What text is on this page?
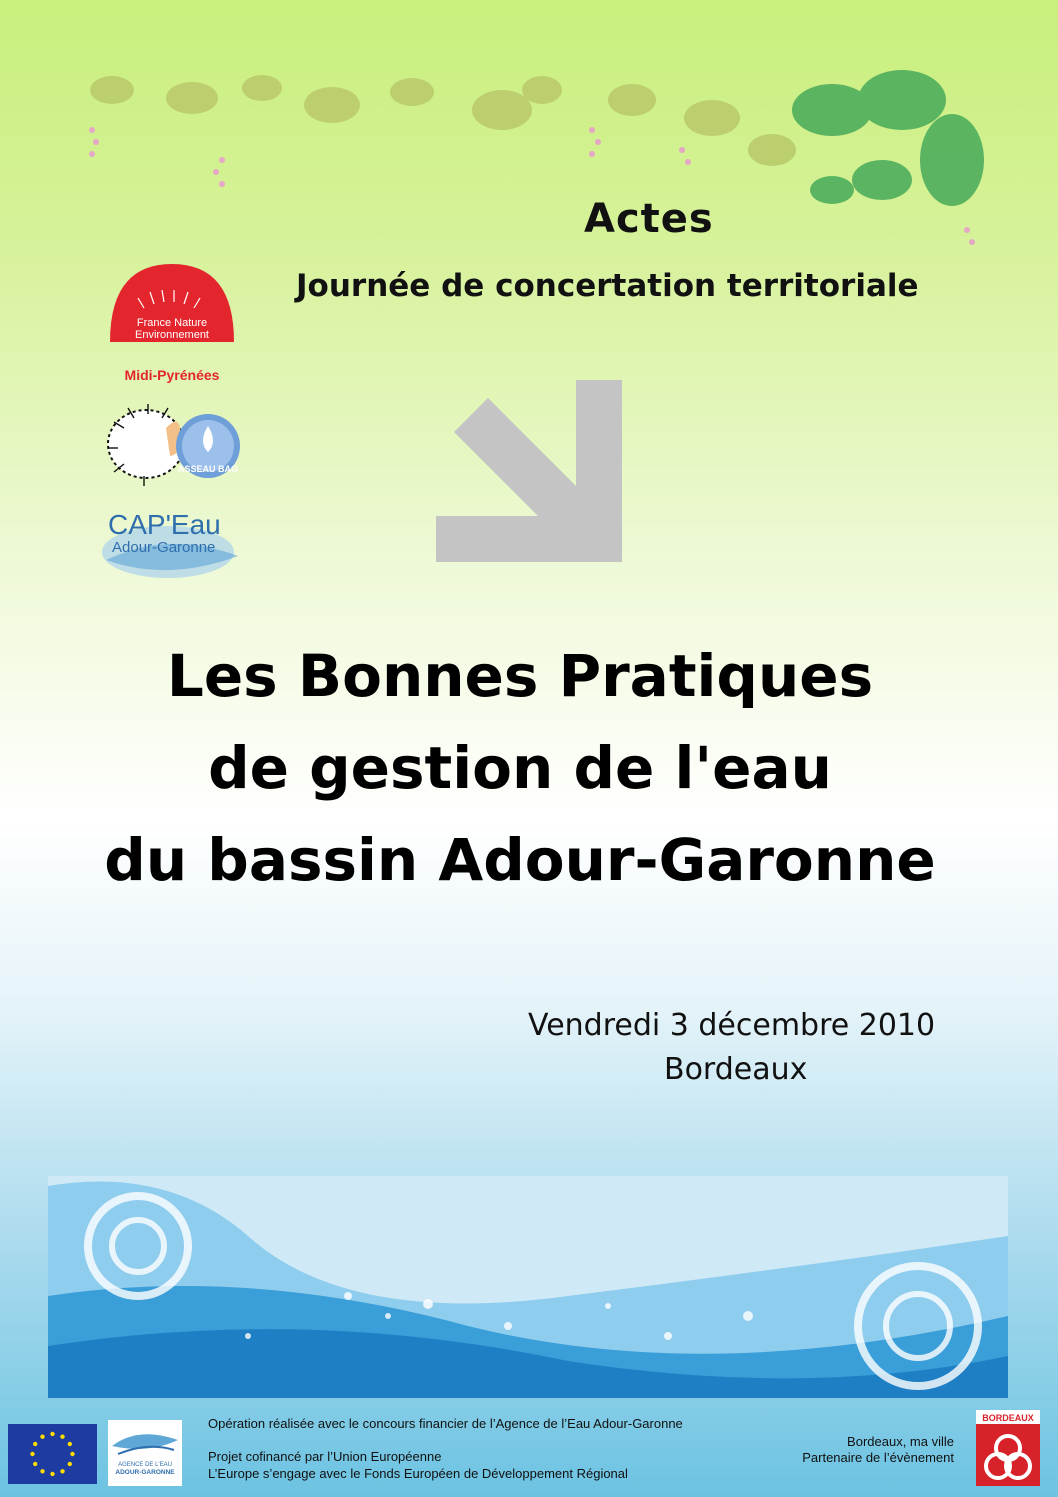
Actes
Journée de concertation territoriale
France Nature
Environnement
Midi-Pyrénées
ASSEAU BAG
CAP'Eau
Adour-Garonne
Les Bonnes Pratiques
de gestion de l'eau
du bassin Adour-Garonne
Vendredi 3 décembre 2010
Bordeaux
AGENCE DE L'EAU
ADOUR-GARONNE
Opération réalisée avec le concours financier de l’Agence de l’Eau Adour-Garonne
Projet cofinancé par l’Union Européenne
L’Europe s’engage avec le Fonds Européen de Développement Régional
Bordeaux, ma ville
Partenaire de l’évènement
BORDEAUX
